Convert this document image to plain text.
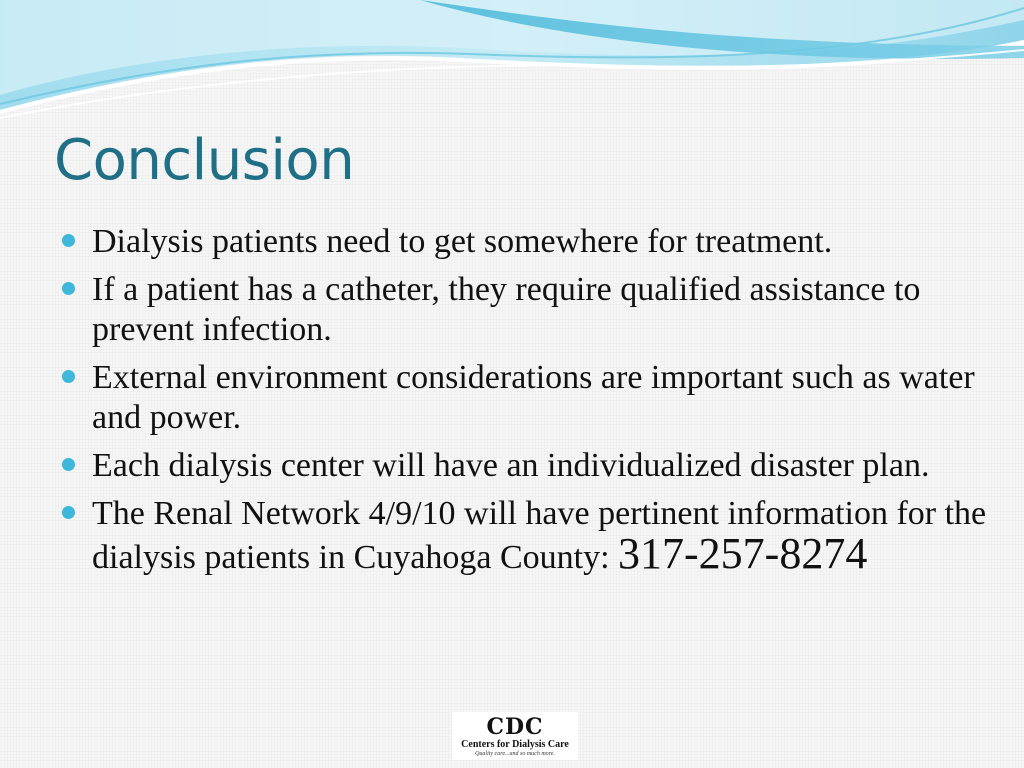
Conclusion
Dialysis patients need to get somewhere for treatment.
If a patient has a catheter, they require qualified assistance to prevent infection.
External environment considerations are important such as water and power.
Each dialysis center will have an individualized disaster plan.
The Renal Network 4/9/10 will have pertinent information for the dialysis patients in Cuyahoga County: 317-257-8274
CDC
Centers for Dialysis Care
Quality care...and so much more.
